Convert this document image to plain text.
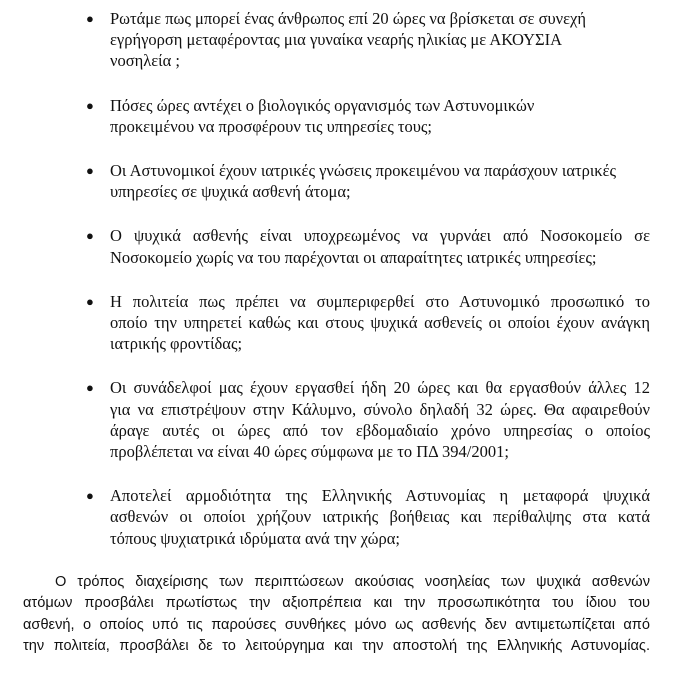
● Ρωτάμε πως μπορεί ένας άνθρωπος επί 20 ώρες να βρίσκεται σε συνεχή
εγρήγορση μεταφέροντας μια γυναίκα νεαρής ηλικίας με ΑΚΟΥΣΙΑ
νοσηλεία ;
● Πόσες ώρες αντέχει ο βιολογικός οργανισμός των Αστυνομικών
προκειμένου να προσφέρουν τις υπηρεσίες τους;
● Οι Αστυνομικοί έχουν ιατρικές γνώσεις προκειμένου να παράσχουν ιατρικές
υπηρεσίες σε ψυχικά ασθενή άτομα;
● Ο ψυχικά ασθενής είναι υποχρεωμένος να γυρνάει από Νοσοκομείο σε
Νοσοκομείο χωρίς να του παρέχονται οι απαραίτητες ιατρικές υπηρεσίες;
● Η πολιτεία πως πρέπει να συμπεριφερθεί στο Αστυνομικό προσωπικό το
οποίο την υπηρετεί καθώς και στους ψυχικά ασθενείς οι οποίοι έχουν ανάγκη
ιατρικής φροντίδας;
● Οι συνάδελφοί μας έχουν εργασθεί ήδη 20 ώρες και θα εργασθούν άλλες 12
για να επιστρέψουν στην Κάλυμνο, σύνολο δηλαδή 32 ώρες. Θα αφαιρεθούν
άραγε αυτές οι ώρες από τον εβδομαδιαίο χρόνο υπηρεσίας ο οποίος
προβλέπεται να είναι 40 ώρες σύμφωνα με το ΠΔ 394/2001;
● Αποτελεί αρμοδιότητα της Ελληνικής Αστυνομίας η μεταφορά ψυχικά
ασθενών οι οποίοι χρήζουν ιατρικής βοήθειας και περίθαλψης στα κατά
τόπους ψυχιατρικά ιδρύματα ανά την χώρα;
Ο τρόπος διαχείρισης των περιπτώσεων ακούσιας νοσηλείας των ψυχικά ασθενών
ατόμων προσβάλει πρωτίστως την αξιοπρέπεια και την προσωπικότητα του ίδιου του
ασθενή, ο οποίος υπό τις παρούσες συνθήκες μόνο ως ασθενής δεν αντιμετωπίζεται από
την πολιτεία, προσβάλει δε το λειτούργημα και την αποστολή της Ελληνικής Αστυνομίας.
